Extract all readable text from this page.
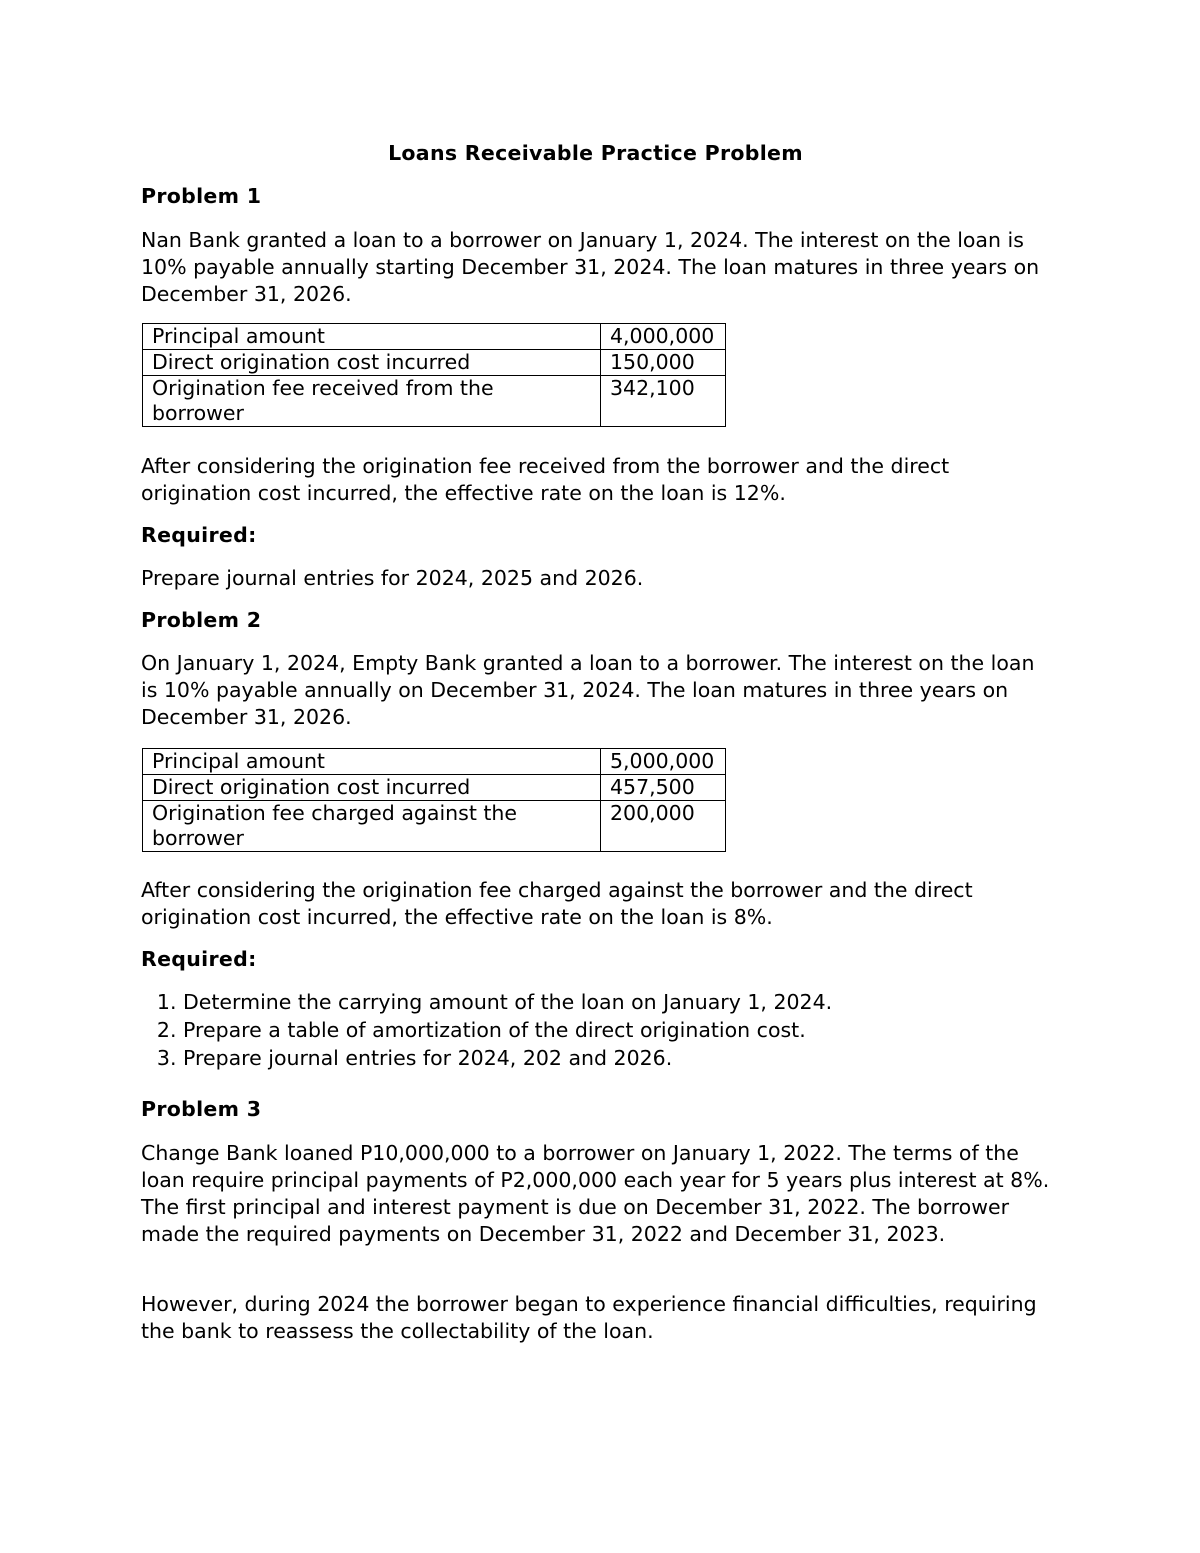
Loans Receivable Practice Problem
Problem 1
Nan Bank granted a loan to a borrower on January 1, 2024. The interest on the loan is 10% payable annually starting December 31, 2024. The loan matures in three years on December 31, 2026.
Principal amount	4,000,000
Direct origination cost incurred	150,000
Origination fee received from the borrower	342,100
After considering the origination fee received from the borrower and the direct origination cost incurred, the effective rate on the loan is 12%.
Required:
Prepare journal entries for 2024, 2025 and 2026.
Problem 2
On January 1, 2024, Empty Bank granted a loan to a borrower. The interest on the loan is 10% payable annually on December 31, 2024. The loan matures in three years on December 31, 2026.
Principal amount	5,000,000
Direct origination cost incurred	457,500
Origination fee charged against the borrower	200,000
After considering the origination fee charged against the borrower and the direct origination cost incurred, the effective rate on the loan is 8%.
Required:
1. Determine the carrying amount of the loan on January 1, 2024.
2. Prepare a table of amortization of the direct origination cost.
3. Prepare journal entries for 2024, 202 and 2026.
Problem 3
Change Bank loaned P10,000,000 to a borrower on January 1, 2022. The terms of the loan require principal payments of P2,000,000 each year for 5 years plus interest at 8%. The first principal and interest payment is due on December 31, 2022. The borrower made the required payments on December 31, 2022 and December 31, 2023.
However, during 2024 the borrower began to experience financial difficulties, requiring the bank to reassess the collectability of the loan.
